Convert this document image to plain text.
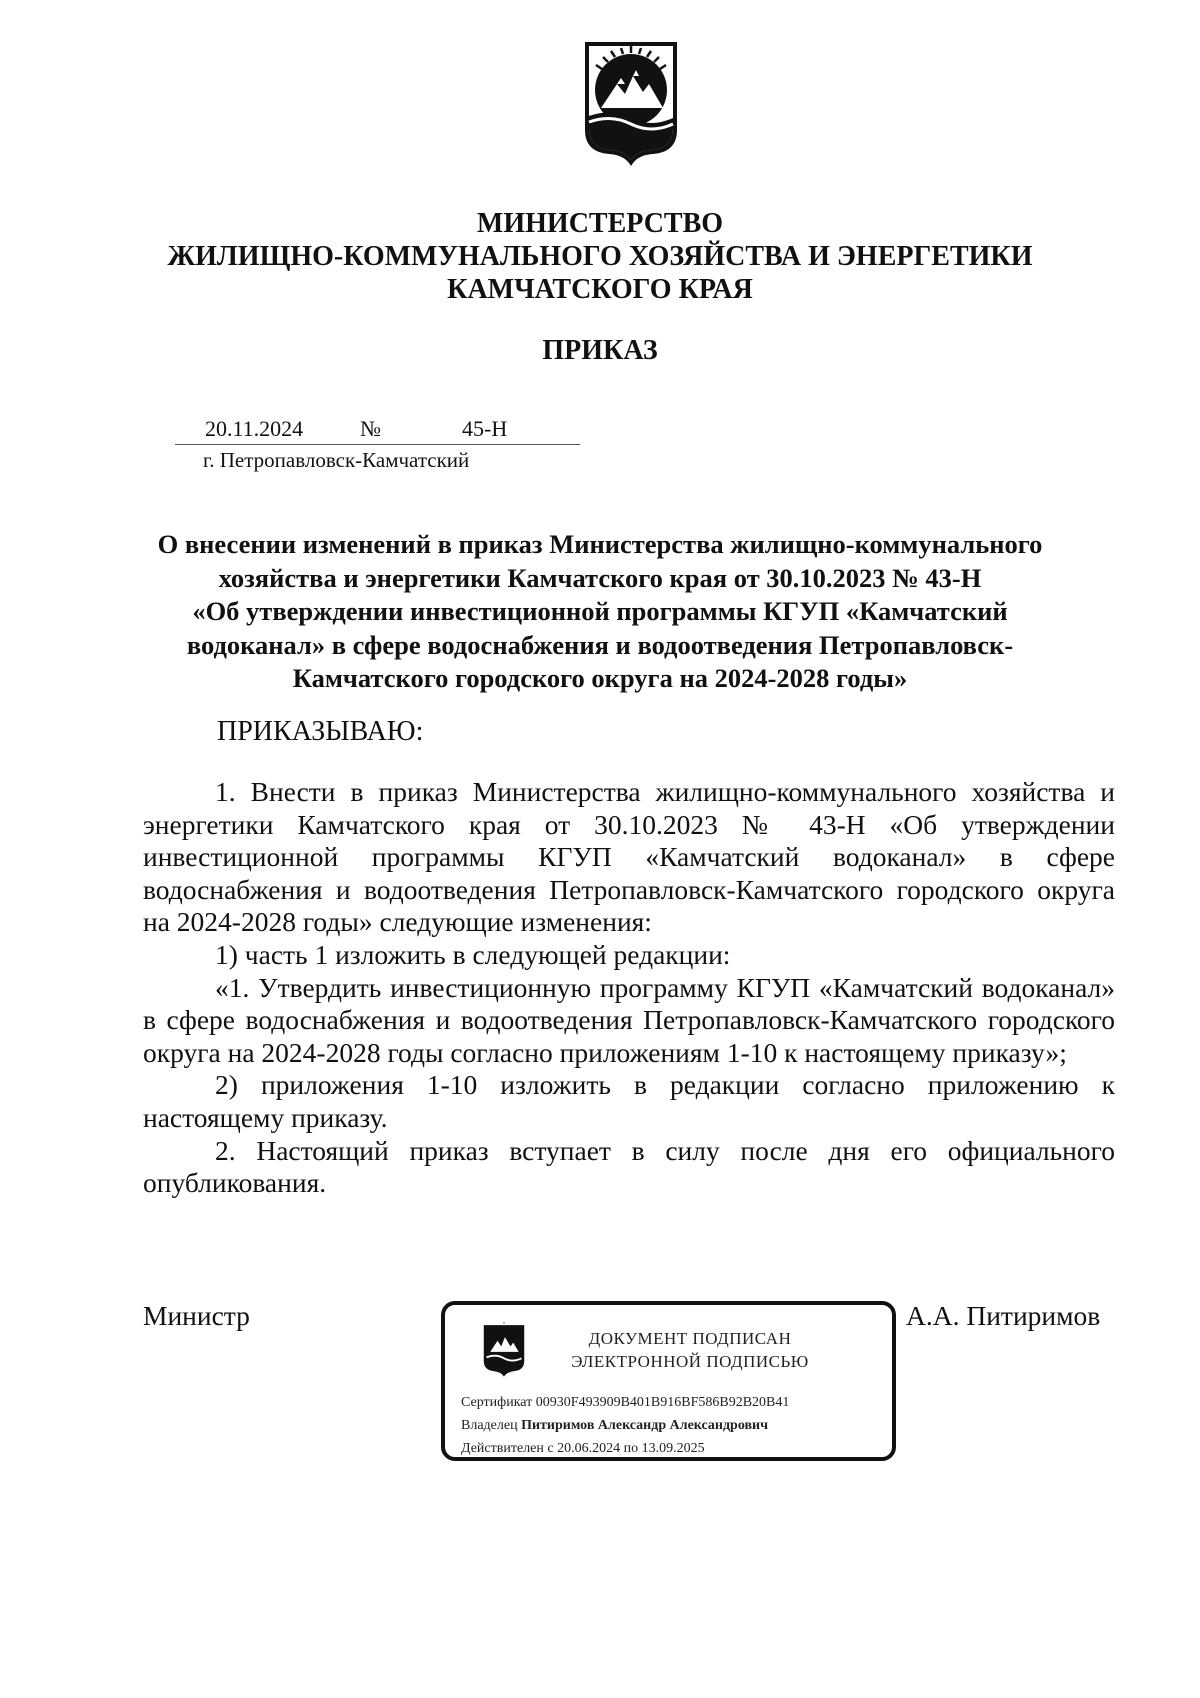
МИНИСТЕРСТВО
ЖИЛИЩНО-КОММУНАЛЬНОГО ХОЗЯЙСТВА И ЭНЕРГЕТИКИ
КАМЧАТСКОГО КРАЯ
ПРИКАЗ
20.11.2024	№	45-Н
г. Петропавловск-Камчатский
О внесении изменений в приказ Министерства жилищно-коммунального
хозяйства и энергетики Камчатского края от 30.10.2023 № 43-Н
«Об утверждении инвестиционной программы КГУП «Камчатский
водоканал» в сфере водоснабжения и водоотведения Петропавловск-
Камчатского городского округа на 2024-2028 годы»
ПРИКАЗЫВАЮ:

1. Внести в приказ Министерства жилищно-коммунального хозяйства и энергетики Камчатского края от 30.10.2023 № 43-Н «Об утверждении инвестиционной программы КГУП «Камчатский водоканал» в сфере водоснабжения и водоотведения Петропавловск-Камчатского городского округа на 2024-2028 годы» следующие изменения:

1) часть 1 изложить в следующей редакции:

«1. Утвердить инвестиционную программу КГУП «Камчатский водоканал» в сфере водоснабжения и водоотведения Петропавловск-Камчатского городского округа на 2024-2028 годы согласно приложениям 1-10 к настоящему приказу»;

2) приложения 1-10 изложить в редакции согласно приложению к настоящему приказу.

2. Настоящий приказ вступает в силу после дня его официального опубликования.

Министр	А.А. Питиримов
ДОКУМЕНТ ПОДПИСАН
ЭЛЕКТРОННОЙ ПОДПИСЬЮ
Сертификат 00930F493909B401B916BF586B92B20B41
Владелец Питиримов Александр Александрович
Действителен с 20.06.2024 по 13.09.2025
